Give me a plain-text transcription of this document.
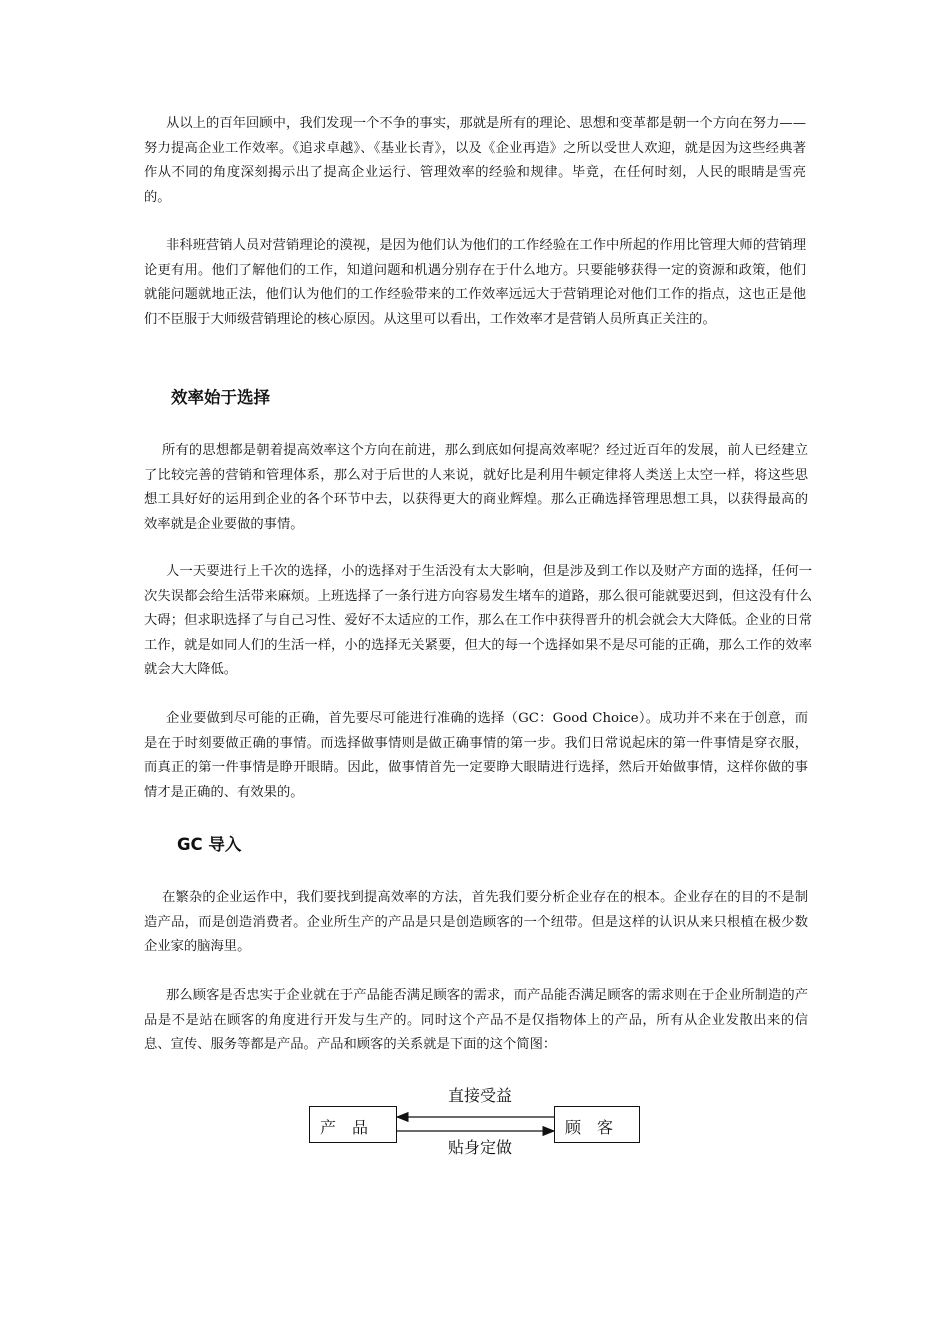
从以上的百年回顾中，我们发现一个不争的事实，那就是所有的理论、思想和变革都是朝一个方向在努力——努力提高企业工作效率。《追求卓越》、《基业长青》，以及《企业再造》之所以受世人欢迎，就是因为这些经典著作从不同的角度深刻揭示出了提高企业运行、管理效率的经验和规律。毕竟，在任何时刻，人民的眼睛是雪亮的。

非科班营销人员对营销理论的漠视，是因为他们认为他们的工作经验在工作中所起的作用比管理大师的营销理论更有用。他们了解他们的工作，知道问题和机遇分别存在于什么地方。只要能够获得一定的资源和政策，他们就能问题就地正法，他们认为他们的工作经验带来的工作效率远远大于营销理论对他们工作的指点，这也正是他们不臣服于大师级营销理论的核心原因。从这里可以看出，工作效率才是营销人员所真正关注的。

效率始于选择

所有的思想都是朝着提高效率这个方向在前进，那么到底如何提高效率呢？经过近百年的发展，前人已经建立了比较完善的营销和管理体系，那么对于后世的人来说，就好比是利用牛顿定律将人类送上太空一样，将这些思想工具好好的运用到企业的各个环节中去，以获得更大的商业辉煌。那么正确选择管理思想工具，以获得最高的效率就是企业要做的事情。

人一天要进行上千次的选择，小的选择对于生活没有太大影响，但是涉及到工作以及财产方面的选择，任何一次失误都会给生活带来麻烦。上班选择了一条行进方向容易发生堵车的道路，那么很可能就要迟到，但这没有什么大碍；但求职选择了与自己习性、爱好不太适应的工作，那么在工作中获得晋升的机会就会大大降低。企业的日常工作，就是如同人们的生活一样，小的选择无关紧要，但大的每一个选择如果不是尽可能的正确，那么工作的效率就会大大降低。

企业要做到尽可能的正确，首先要尽可能进行准确的选择（GC：Good Choice）。成功并不来在于创意，而是在于时刻要做正确的事情。而选择做事情则是做正确事情的第一步。我们日常说起床的第一件事情是穿衣服，而真正的第一件事情是睁开眼睛。因此，做事情首先一定要睁大眼睛进行选择，然后开始做事情，这样你做的事情才是正确的、有效果的。

GC 导入

在繁杂的企业运作中，我们要找到提高效率的方法，首先我们要分析企业存在的根本。企业存在的目的不是制造产品，而是创造消费者。企业所生产的产品是只是创造顾客的一个纽带。但是这样的认识从来只根植在极少数企业家的脑海里。

那么顾客是否忠实于企业就在于产品能否满足顾客的需求，而产品能否满足顾客的需求则在于企业所制造的产品是不是站在顾客的角度进行开发与生产的。同时这个产品不是仅指物体上的产品，所有从企业发散出来的信息、宣传、服务等都是产品。产品和顾客的关系就是下面的这个简图：

产　品	顾　客
直接受益
贴身定做
